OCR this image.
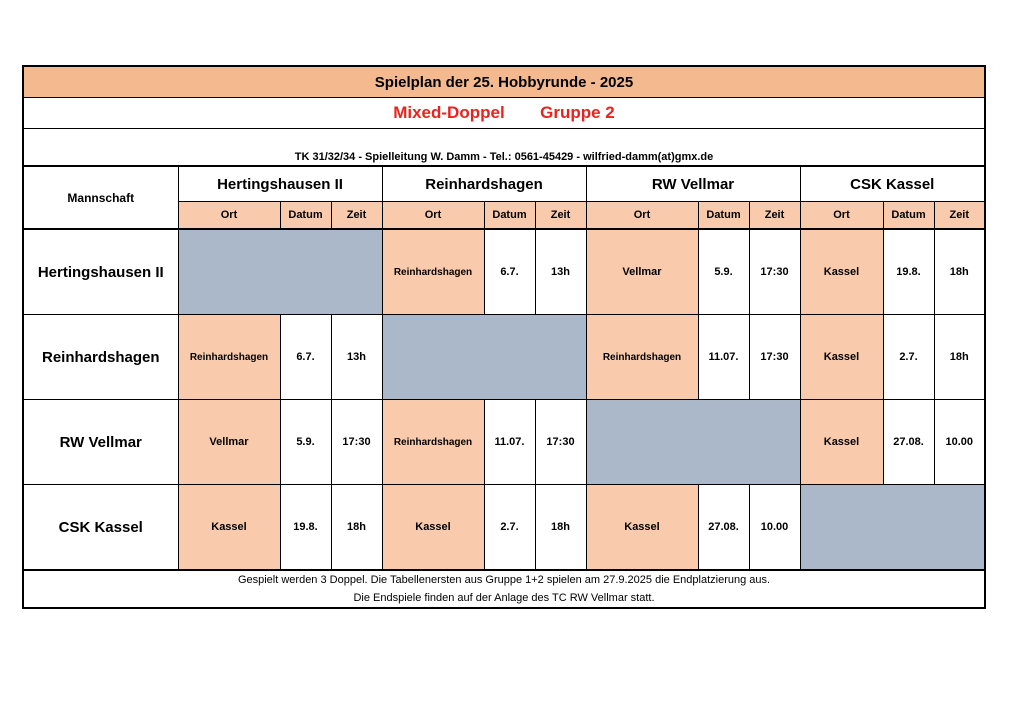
Spielplan der 25. Hobbyrunde - 2025												
Mixed-Doppel Gruppe 2												
TK 31/32/34 - Spielleitung W. Damm - Tel.: 0561-45429 - wilfried-damm(at)gmx.de												
Mannschaft	Hertingshausen II			Reinhardshagen			RW Vellmar			CSK Kassel		
	Ort	Datum	Zeit	Ort	Datum	Zeit	Ort	Datum	Zeit	Ort	Datum	Zeit
Hertingshausen II				Reinhardshagen	6.7.	13h	Vellmar	5.9.	17:30	Kassel	19.8.	18h
Reinhardshagen	Reinhardshagen	6.7.	13h				Reinhardshagen	11.07.	17:30	Kassel	2.7.	18h
RW Vellmar	Vellmar	5.9.	17:30	Reinhardshagen	11.07.	17:30				Kassel	27.08.	10.00
CSK Kassel	Kassel	19.8.	18h	Kassel	2.7.	18h	Kassel	27.08.	10.00			
Gespielt werden 3 Doppel. Die Tabellenersten aus Gruppe 1+2 spielen am 27.9.2025 die Endplatzierung aus.												
Die Endspiele finden auf der Anlage des TC RW Vellmar statt.												
